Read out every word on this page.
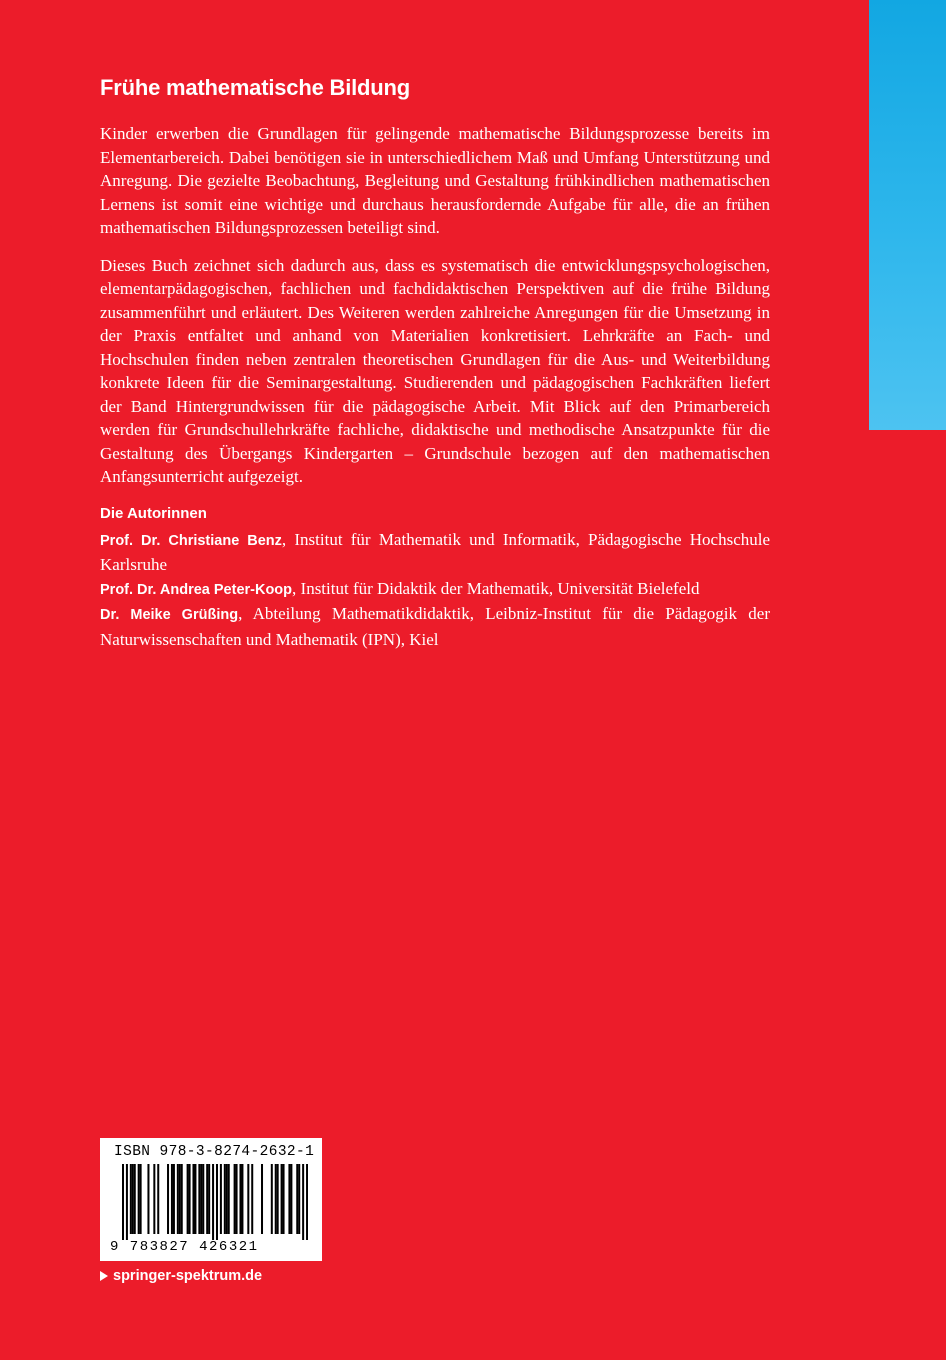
Frühe mathematische Bildung

Kinder erwerben die Grundlagen für gelingende mathematische Bildungsprozesse bereits im Elementarbereich. Dabei benötigen sie in unterschiedlichem Maß und Umfang Unterstützung und Anregung. Die gezielte Beobachtung, Begleitung und Gestaltung frühkindlichen mathematischen Lernens ist somit eine wichtige und durchaus herausfordernde Aufgabe für alle, die an frühen mathematischen Bildungsprozessen beteiligt sind.

Dieses Buch zeichnet sich dadurch aus, dass es systematisch die entwicklungspsychologischen, elementarpädagogischen, fachlichen und fachdidaktischen Perspektiven auf die frühe Bildung zusammenführt und erläutert. Des Weiteren werden zahlreiche Anregungen für die Umsetzung in der Praxis entfaltet und anhand von Materialien konkretisiert. Lehrkräfte an Fach- und Hochschulen finden neben zentralen theoretischen Grundlagen für die Aus- und Weiterbildung konkrete Ideen für die Seminargestaltung. Studierenden und pädagogischen Fachkräften liefert der Band Hintergrundwissen für die pädagogische Arbeit. Mit Blick auf den Primarbereich werden für Grundschullehrkräfte fachliche, didaktische und methodische Ansatzpunkte für die Gestaltung des Übergangs Kindergarten – Grundschule bezogen auf den mathematischen Anfangsunterricht aufgezeigt.

Die Autorinnen

Prof. Dr. Christiane Benz, Institut für Mathematik und Informatik, Pädagogische Hochschule Karlsruhe

Prof. Dr. Andrea Peter-Koop, Institut für Didaktik der Mathematik, Universität Bielefeld

Dr. Meike Grüßing, Abteilung Mathematikdidaktik, Leibniz-Institut für die Pädagogik der Naturwissenschaften und Mathematik (IPN), Kiel

ISBN 978-3-8274-2632-1
9 783827 426321
springer-spektrum.de
